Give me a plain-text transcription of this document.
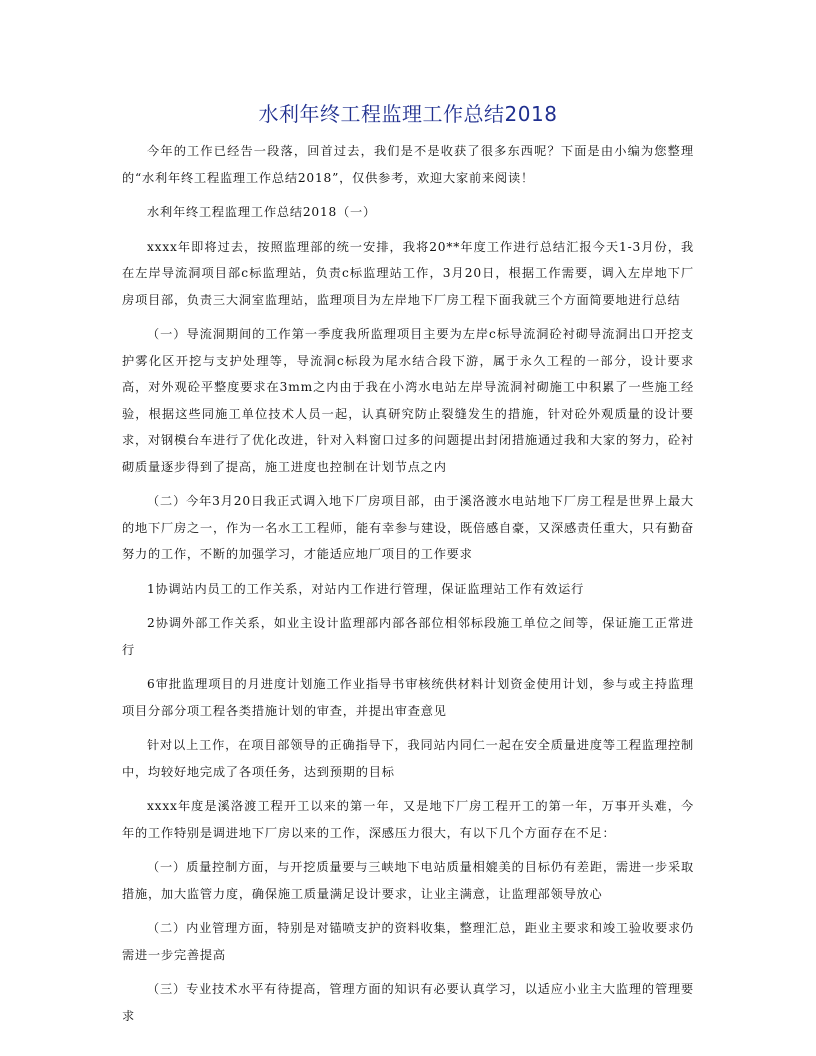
水利年终工程监理工作总结2018

今年的工作已经告一段落，回首过去，我们是不是收获了很多东西呢？下面是由小编为您整理的“水利年终工程监理工作总结2018”，仅供参考，欢迎大家前来阅读！

水利年终工程监理工作总结2018（一）

xxxx年即将过去，按照监理部的统一安排，我将20**年度工作进行总结汇报今天1-3月份，我在左岸导流洞项目部c标监理站，负责c标监理站工作，3月20日，根据工作需要，调入左岸地下厂房项目部，负责三大洞室监理站，监理项目为左岸地下厂房工程下面我就三个方面简要地进行总结

（一）导流洞期间的工作第一季度我所监理项目主要为左岸c标导流洞砼衬砌导流洞出口开挖支护雾化区开挖与支护处理等，导流洞c标段为尾水结合段下游，属于永久工程的一部分，设计要求高，对外观砼平整度要求在3mm之内由于我在小湾水电站左岸导流洞衬砌施工中积累了一些施工经验，根据这些同施工单位技术人员一起，认真研究防止裂缝发生的措施，针对砼外观质量的设计要求，对钢模台车进行了优化改进，针对入料窗口过多的问题提出封闭措施通过我和大家的努力，砼衬砌质量逐步得到了提高，施工进度也控制在计划节点之内

（二）今年3月20日我正式调入地下厂房项目部，由于溪洛渡水电站地下厂房工程是世界上最大的地下厂房之一，作为一名水工工程师，能有幸参与建设，既倍感自豪，又深感责任重大，只有勤奋努力的工作，不断的加强学习，才能适应地厂项目的工作要求

1协调站内员工的工作关系，对站内工作进行管理，保证监理站工作有效运行

2协调外部工作关系，如业主设计监理部内部各部位相邻标段施工单位之间等，保证施工正常进行

6审批监理项目的月进度计划施工作业指导书审核统供材料计划资金使用计划，参与或主持监理项目分部分项工程各类措施计划的审查，并提出审查意见

针对以上工作，在项目部领导的正确指导下，我同站内同仁一起在安全质量进度等工程监理控制中，均较好地完成了各项任务，达到预期的目标

xxxx年度是溪洛渡工程开工以来的第一年，又是地下厂房工程开工的第一年，万事开头难，今年的工作特别是调进地下厂房以来的工作，深感压力很大，有以下几个方面存在不足：

（一）质量控制方面，与开挖质量要与三峡地下电站质量相媲美的目标仍有差距，需进一步采取措施，加大监管力度，确保施工质量满足设计要求，让业主满意，让监理部领导放心

（二）内业管理方面，特别是对锚喷支护的资料收集，整理汇总，距业主要求和竣工验收要求仍需进一步完善提高

（三）专业技术水平有待提高，管理方面的知识有必要认真学习，以适应小业主大监理的管理要求
